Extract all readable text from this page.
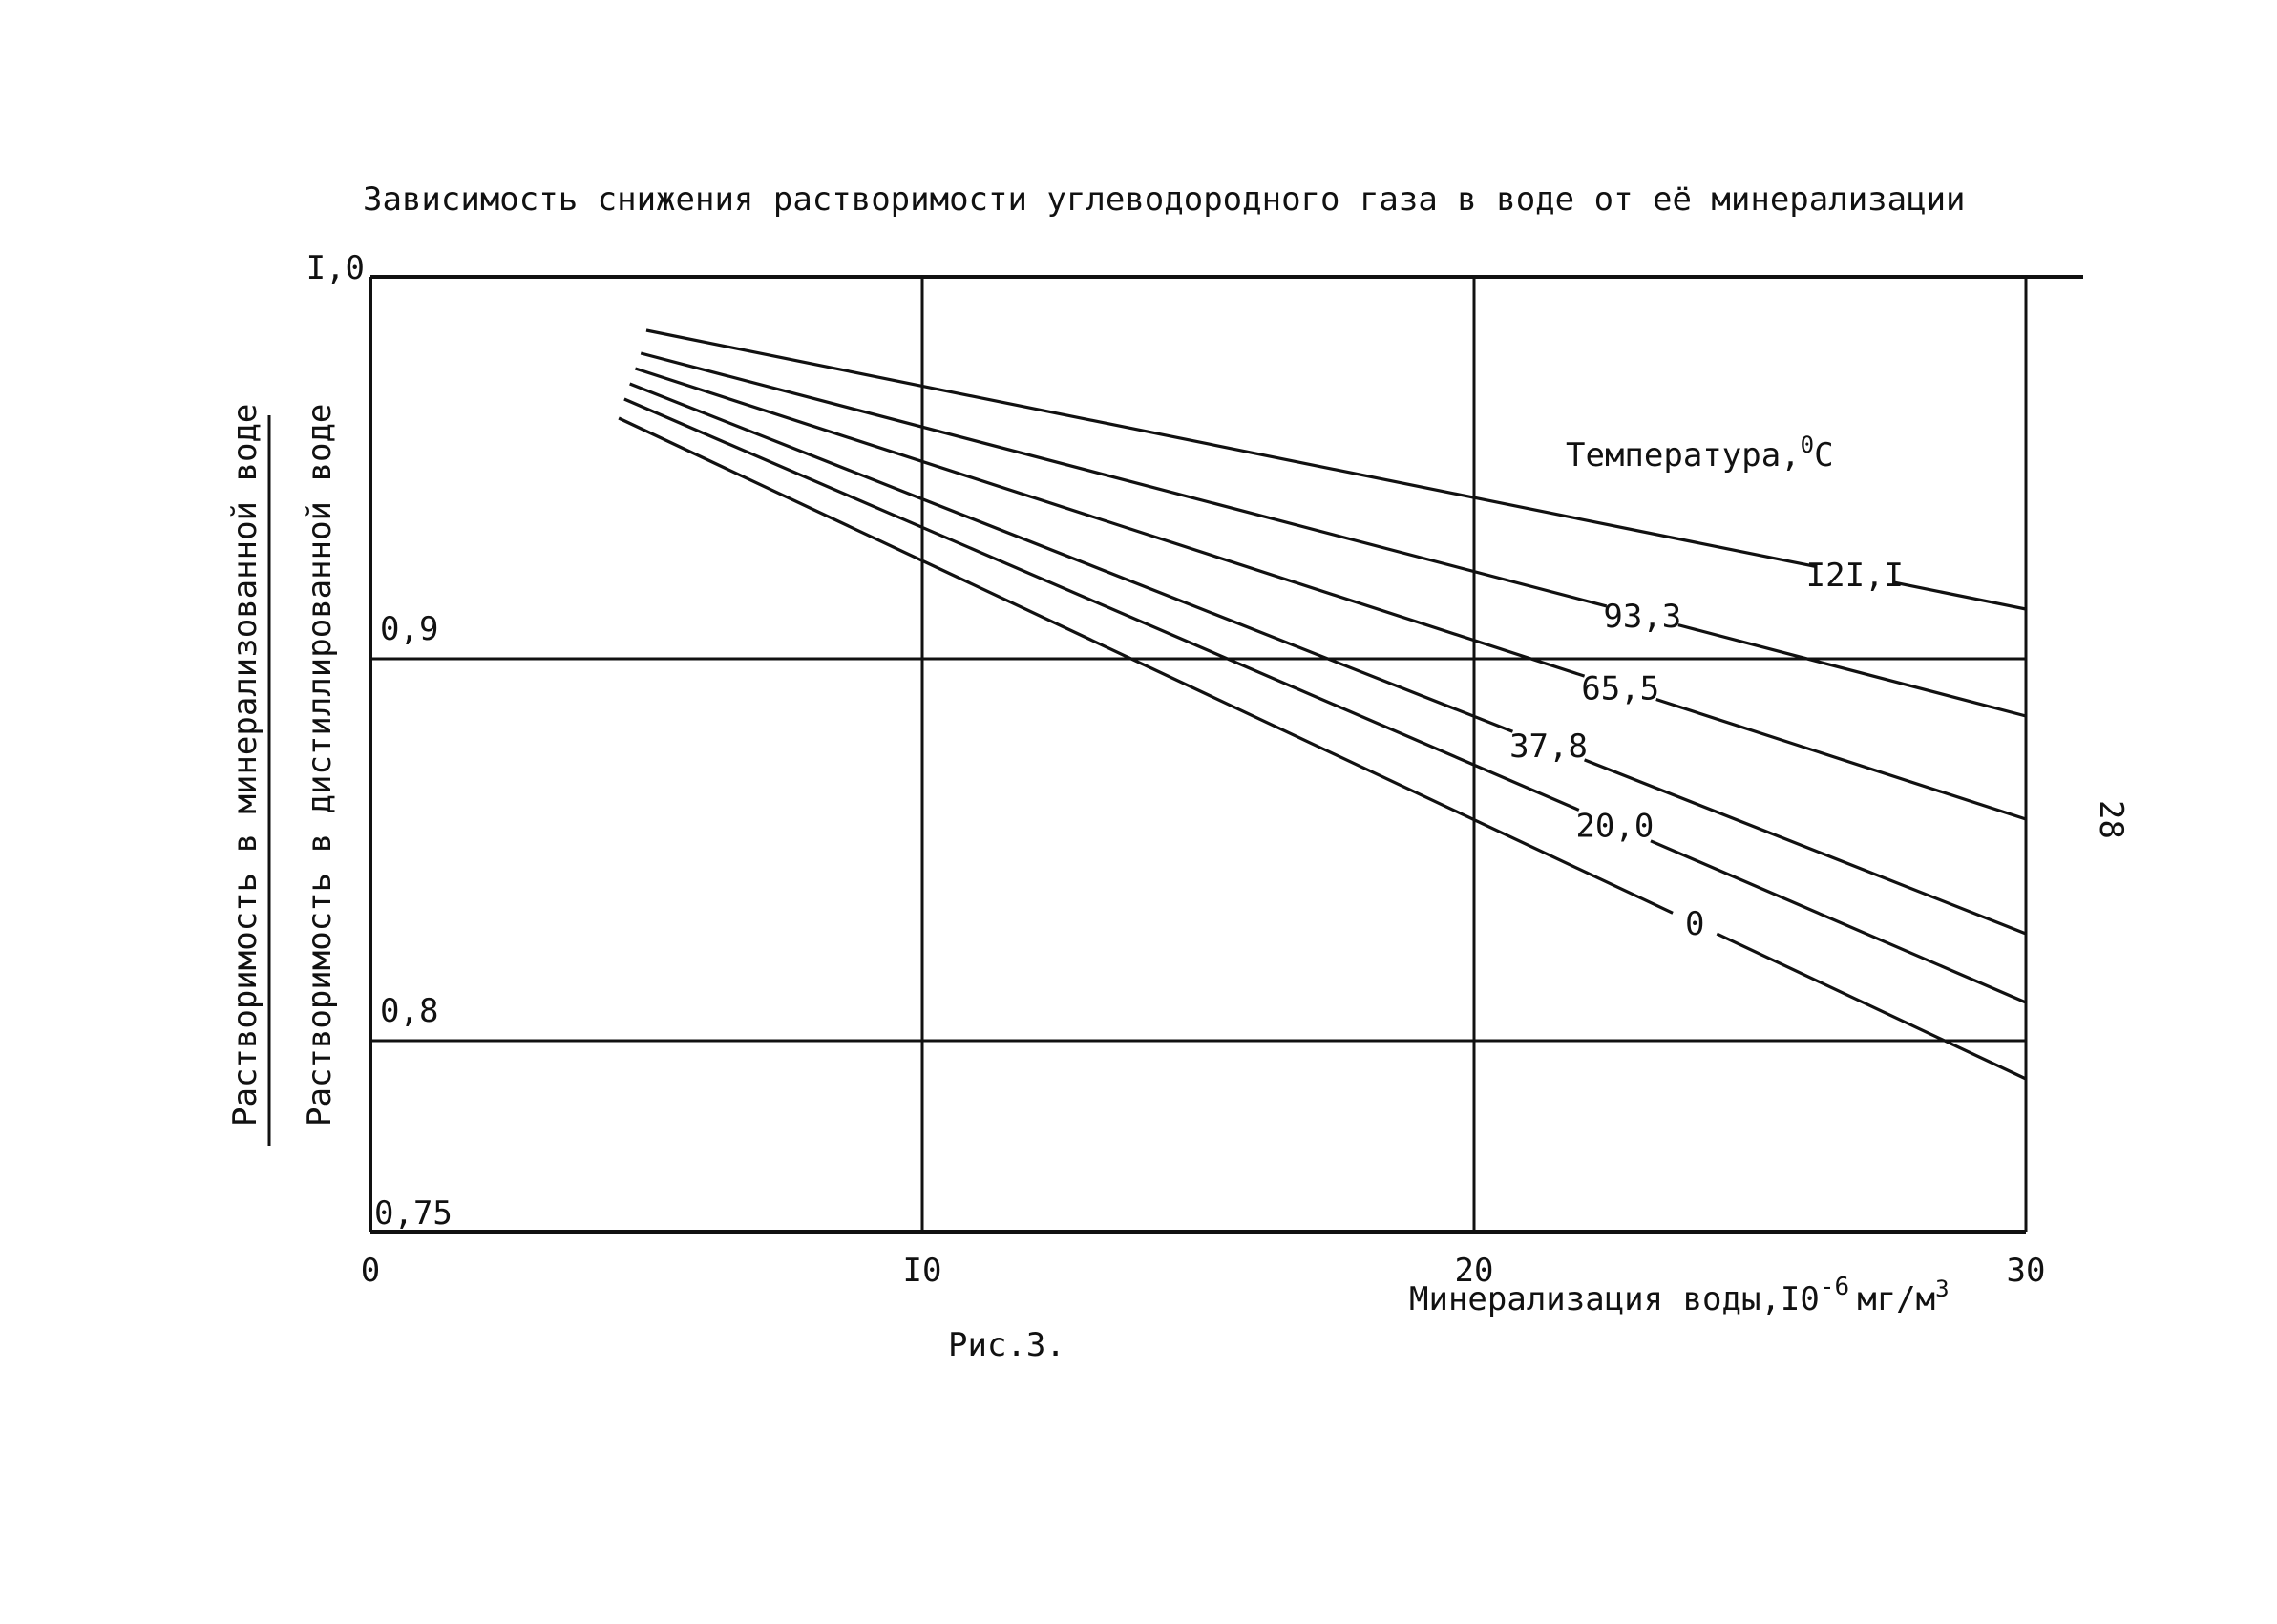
Зависимость снижения растворимости углеводородного газа в воде от её минерализации
0	I0	20	30
I,0
0,9
0,8
0,75
I2I,I
93,3
65,5
37,8
20,0
0
Температура,$^0$C
Минерализация $воды,I0^{-6}$ $мг/м^3$
Растворимость в минерализованной воде Растворимость в дистиллированной воде
Рис.3.
28
